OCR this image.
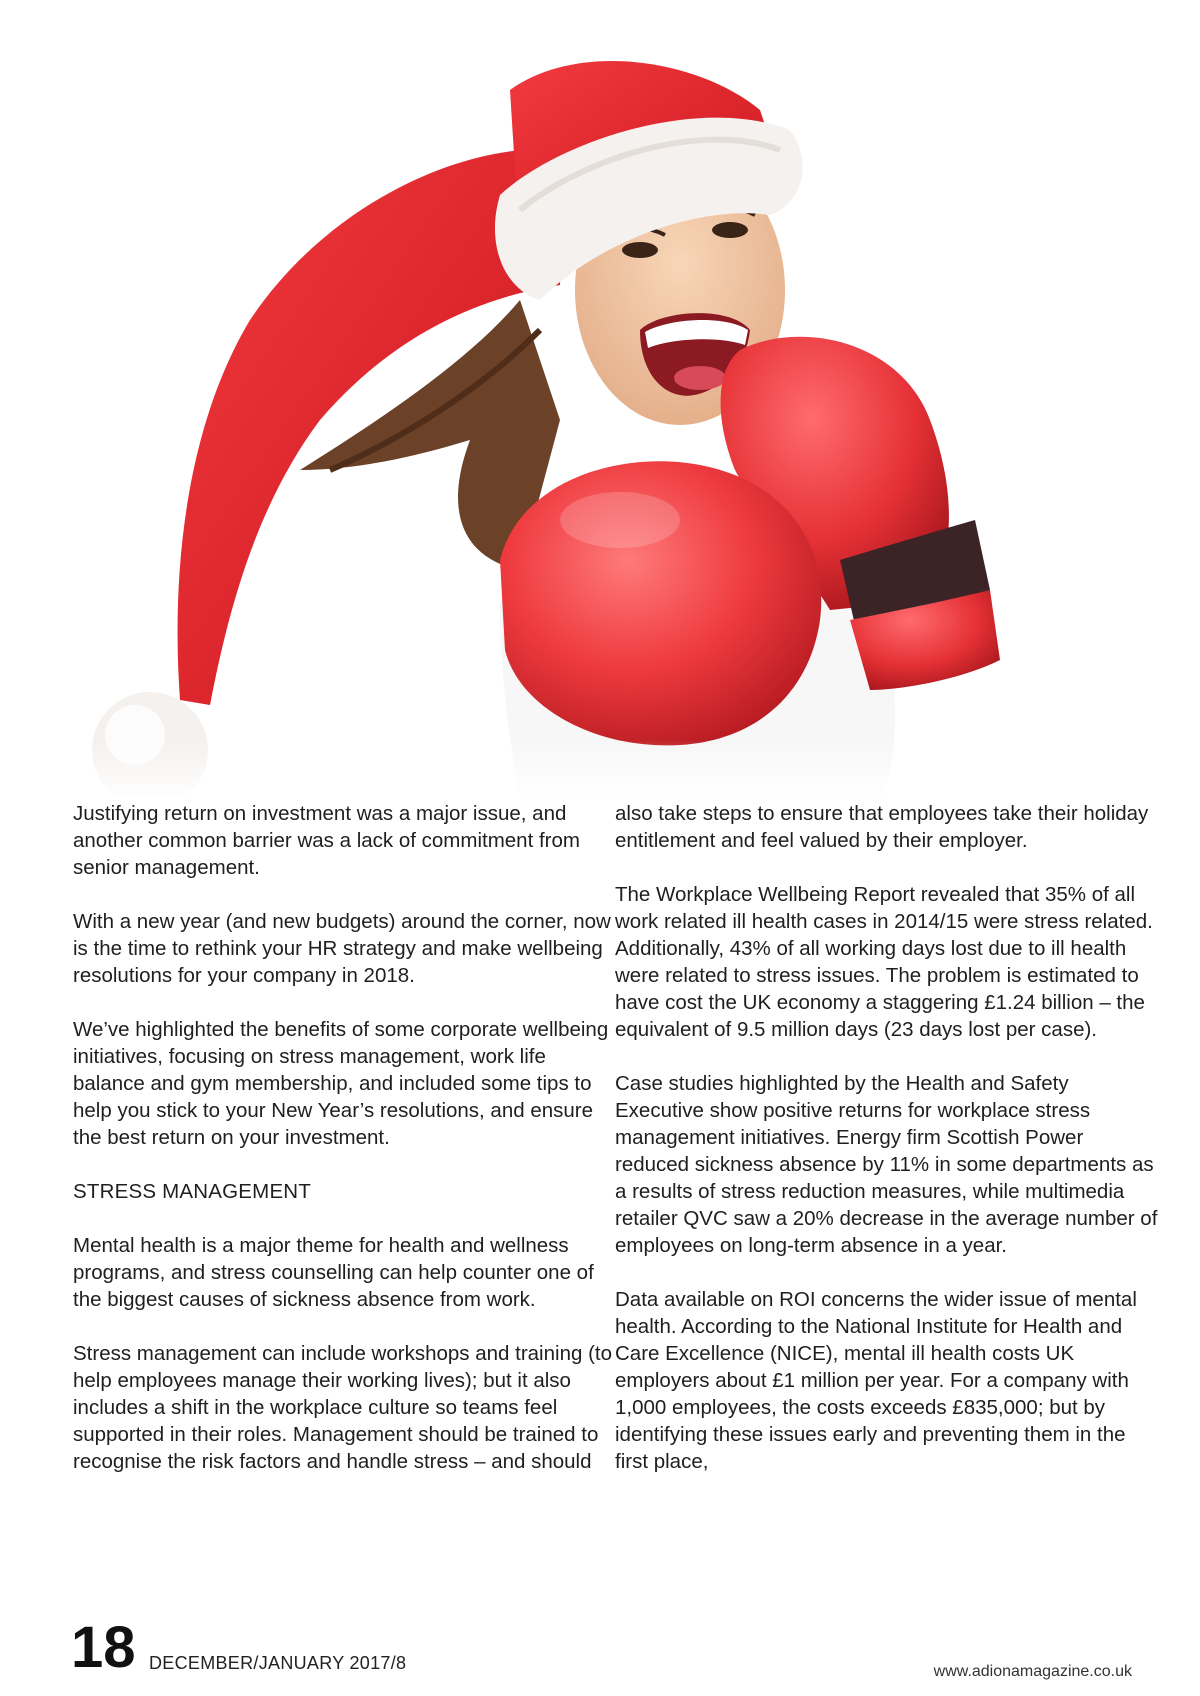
Justifying return on investment was a major issue, and another common barrier was a lack of commitment from senior management.

With a new year (and new budgets) around the corner, now is the time to rethink your HR strategy and make wellbeing resolutions for your company in 2018.

We’ve highlighted the benefits of some corporate wellbeing initiatives, focusing on stress management, work life balance and gym membership, and included some tips to help you stick to your New Year’s resolutions, and ensure the best return on your investment.

STRESS MANAGEMENT

Mental health is a major theme for health and wellness programs, and stress counselling can help counter one of the biggest causes of sickness absence from work.

Stress management can include workshops and training (to help employees manage their working lives); but it also includes a shift in the workplace culture so teams feel supported in their roles. Management should be trained to recognise the risk factors and handle stress – and should

also take steps to ensure that employees take their holiday entitlement and feel valued by their employer.

The Workplace Wellbeing Report revealed that 35% of all work related ill health cases in 2014/15 were stress related. Additionally, 43% of all working days lost due to ill health were related to stress issues. The problem is estimated to have cost the UK economy a staggering £1.24 billion – the equivalent of 9.5 million days (23 days lost per case).

Case studies highlighted by the Health and Safety Executive show positive returns for workplace stress management initiatives. Energy firm Scottish Power reduced sickness absence by 11% in some departments as a results of stress reduction measures, while multimedia retailer QVC saw a 20% decrease in the average number of employees on long-term absence in a year.

Data available on ROI concerns the wider issue of mental health. According to the National Institute for Health and Care Excellence (NICE), mental ill health costs UK employers about £1 million per year. For a company with 1,000 employees, the costs exceeds £835,000; but by identifying these issues early and preventing them in the first place,

18 DECEMBER/JANUARY 2017/8	www.adionamagazine.co.uk
